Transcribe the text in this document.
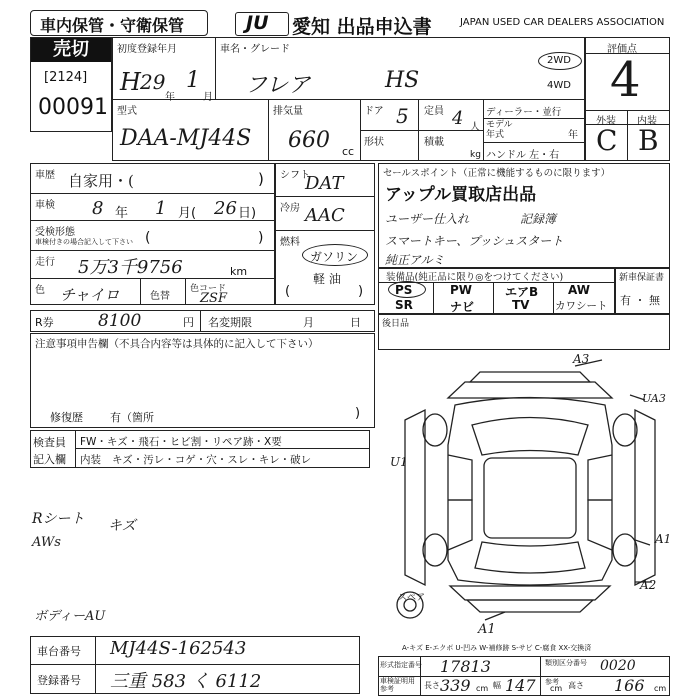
車内保管・守衛保管	JU 愛知 出品申込書	JAPAN USED CAR DEALERS ASSOCIATION
売切
[2124]
00091
初度登録年月
H 29
年
1
月
車名・グレード
フレア	HS
型式
DAA-MJ44S
排気量
660 cc
ドア 5 定員 4 人
形状	積載
kg
ディーラー・並行
モデル
年式	年
ハンドル 左・右
2WD
4WD
評価点
4
外装 内装
C B
車歴 自家用・(	)
車検 8 年 1 月( 26 日)
受検形態
車検付きの場合記入して下さい (	)
走行 5万3千9756	km
色 チャイロ	色替
色コード
ZSF
シフト
DAT
冷房 AAC
燃料
ガソリン
軽 油
(	)
セールスポイント（正常に機能するものに限ります）
アップル買取店出品
ユーザー仕入れ	記録簿
スマートキー、プッシュスタート
純正アルミ
装備品(純正品に限り◎をつけてください)
PS	PW	エアB AW
SR	ナビ	TV カワシート
新車保証書
有 ・ 無
R券	8100	円 名変期限	月	日
注意事項申告欄（不具合内容等は具体的に記入して下さい）
修復歴 有（箇所	)
後日品
検査員
記入欄
FW・キズ・飛石・ヒビ割・リペア跡・X要
内装 キズ・汚レ・コゲ・穴・スレ・キレ・破レ
Rシート キズ
AWs
ボディーAU
A3
UA3
U1
A1
A2
A1
スペア
A-キズ E-エクボ U-凹み W-補修跡 S-サビ C-腐食 XX-交換済
車台番号 MJ44S-162543
登録番号 三重 583 く 6112
形式指定番号 17813	類別区分番号 0020
車検証明用
参考	長さ 339 cm 幅 147 cm
参考 高さ 166 cm
